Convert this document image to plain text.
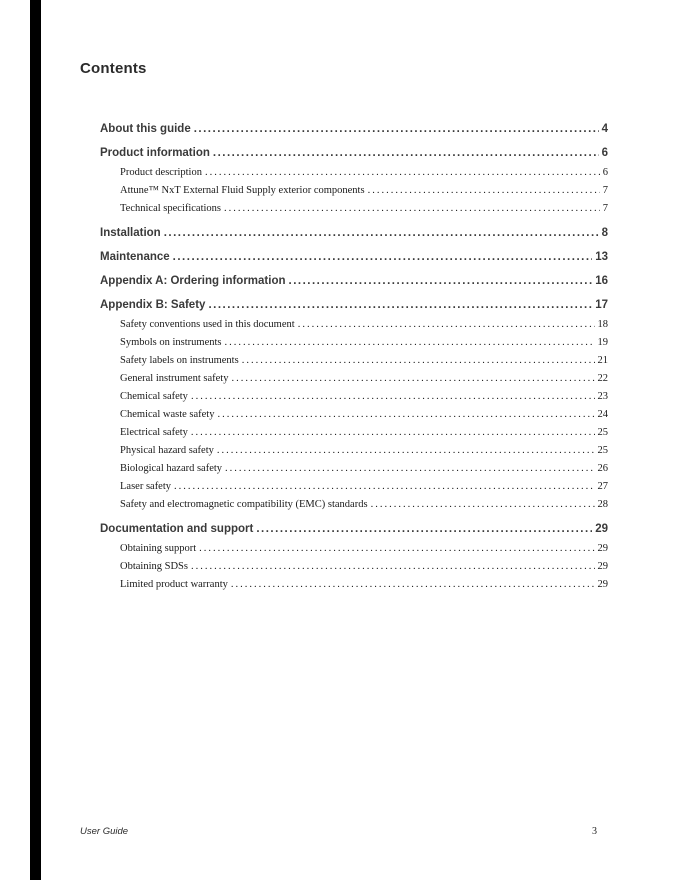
Contents
About this guide .....	4
Product information .....	6
Product description .....	6
Attune™ NxT External Fluid Supply exterior components .....	7
Technical specifications .....	7
Installation .....	8
Maintenance .....	13
Appendix A: Ordering information .....	16
Appendix B: Safety .....	17
Safety conventions used in this document .....	18
Symbols on instruments .....	19
Safety labels on instruments .....	21
General instrument safety .....	22
Chemical safety .....	23
Chemical waste safety .....	24
Electrical safety .....	25
Physical hazard safety .....	25
Biological hazard safety .....	26
Laser safety .....	27
Safety and electromagnetic compatibility (EMC) standards .....	28
Documentation and support .....	29
Obtaining support .....	29
Obtaining SDSs .....	29
Limited product warranty .....	29
User Guide	3
